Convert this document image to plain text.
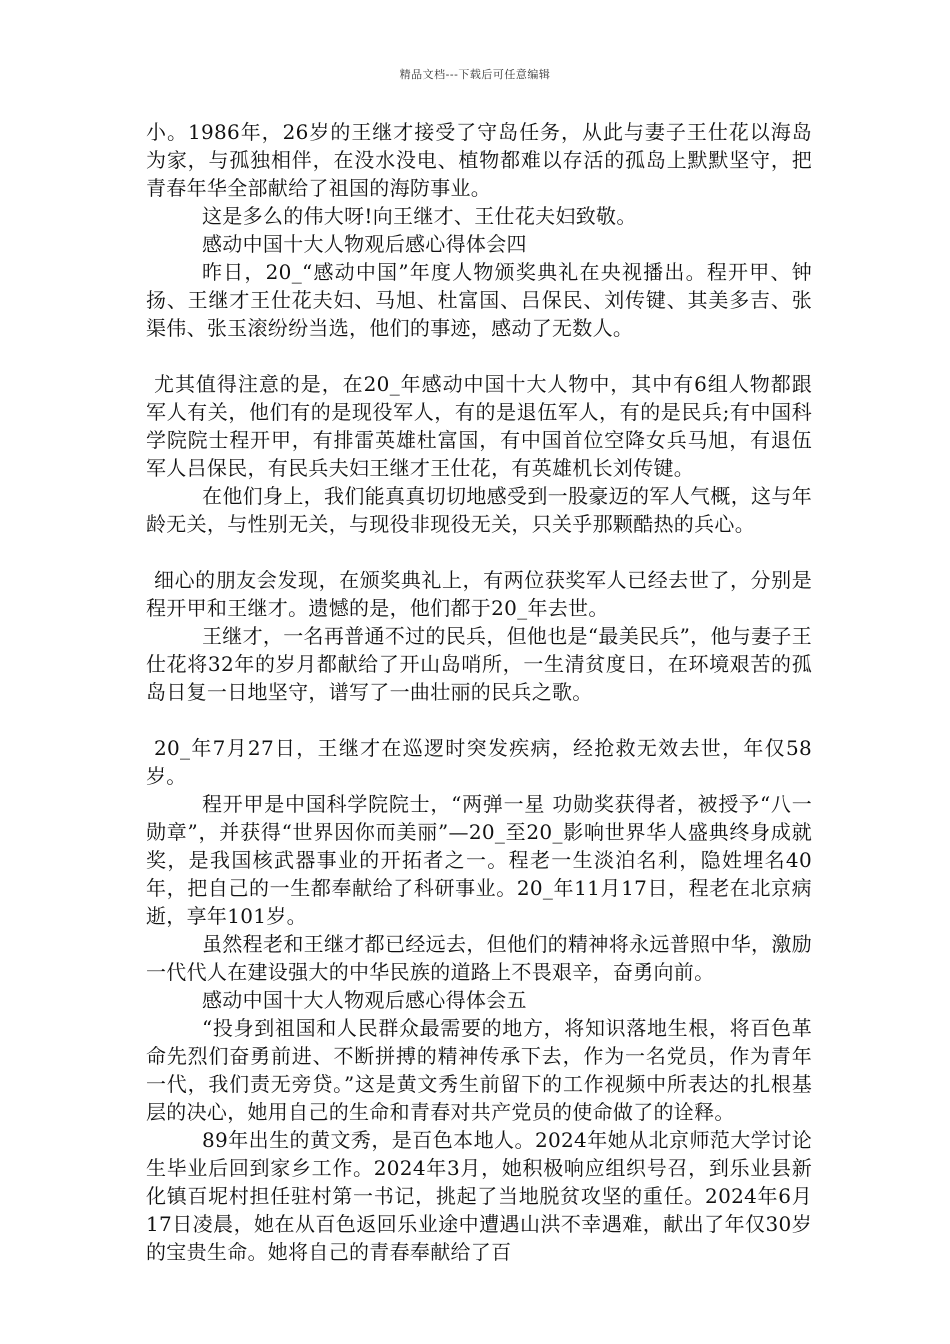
精品文档---下载后可任意编辑

小。1986年，26岁的王继才接受了守岛任务，从此与妻子王仕花以海岛为家，与孤独相伴，在没水没电、植物都难以存活的孤岛上默默坚守，把青春年华全部献给了祖国的海防事业。

这是多么的伟大呀!向王继才、王仕花夫妇致敬。

感动中国十大人物观后感心得体会四

昨日，20_“感动中国”年度人物颁奖典礼在央视播出。程开甲、钟扬、王继才王仕花夫妇、马旭、杜富国、吕保民、刘传键、其美多吉、张渠伟、张玉滚纷纷当选，他们的事迹，感动了无数人。

尤其值得注意的是，在20_年感动中国十大人物中，其中有6组人物都跟军人有关，他们有的是现役军人，有的是退伍军人，有的是民兵;有中国科学院院士程开甲，有排雷英雄杜富国，有中国首位空降女兵马旭，有退伍军人吕保民，有民兵夫妇王继才王仕花，有英雄机长刘传键。

在他们身上，我们能真真切切地感受到一股豪迈的军人气概，这与年龄无关，与性别无关，与现役非现役无关，只关乎那颗酷热的兵心。

细心的朋友会发现，在颁奖典礼上，有两位获奖军人已经去世了，分别是程开甲和王继才。遗憾的是，他们都于20_年去世。

王继才，一名再普通不过的民兵，但他也是“最美民兵”，他与妻子王仕花将32年的岁月都献给了开山岛哨所，一生清贫度日，在环境艰苦的孤岛日复一日地坚守，谱写了一曲壮丽的民兵之歌。

20_年7月27日，王继才在巡逻时突发疾病，经抢救无效去世，年仅58岁。

程开甲是中国科学院院士，“两弹一星 功勋奖获得者，被授予“八一勋章”，并获得“世界因你而美丽”—20_至20_影响世界华人盛典终身成就奖，是我国核武器事业的开拓者之一。程老一生淡泊名利，隐姓埋名40年，把自己的一生都奉献给了科研事业。20_年11月17日，程老在北京病逝，享年101岁。

虽然程老和王继才都已经远去，但他们的精神将永远普照中华，激励一代代人在建设强大的中华民族的道路上不畏艰辛，奋勇向前。

感动中国十大人物观后感心得体会五

“投身到祖国和人民群众最需要的地方，将知识落地生根，将百色革命先烈们奋勇前进、不断拼搏的精神传承下去，作为一名党员，作为青年一代，我们责无旁贷。”这是黄文秀生前留下的工作视频中所表达的扎根基层的决心，她用自己的生命和青春对共产党员的使命做了的诠释。

89年出生的黄文秀，是百色本地人。2024年她从北京师范大学讨论生毕业后回到家乡工作。2024年3月，她积极响应组织号召，到乐业县新化镇百坭村担任驻村第一书记，挑起了当地脱贫攻坚的重任。2024年6月17日凌晨，她在从百色返回乐业途中遭遇山洪不幸遇难，献出了年仅30岁的宝贵生命。她将自己的青春奉献给了百
